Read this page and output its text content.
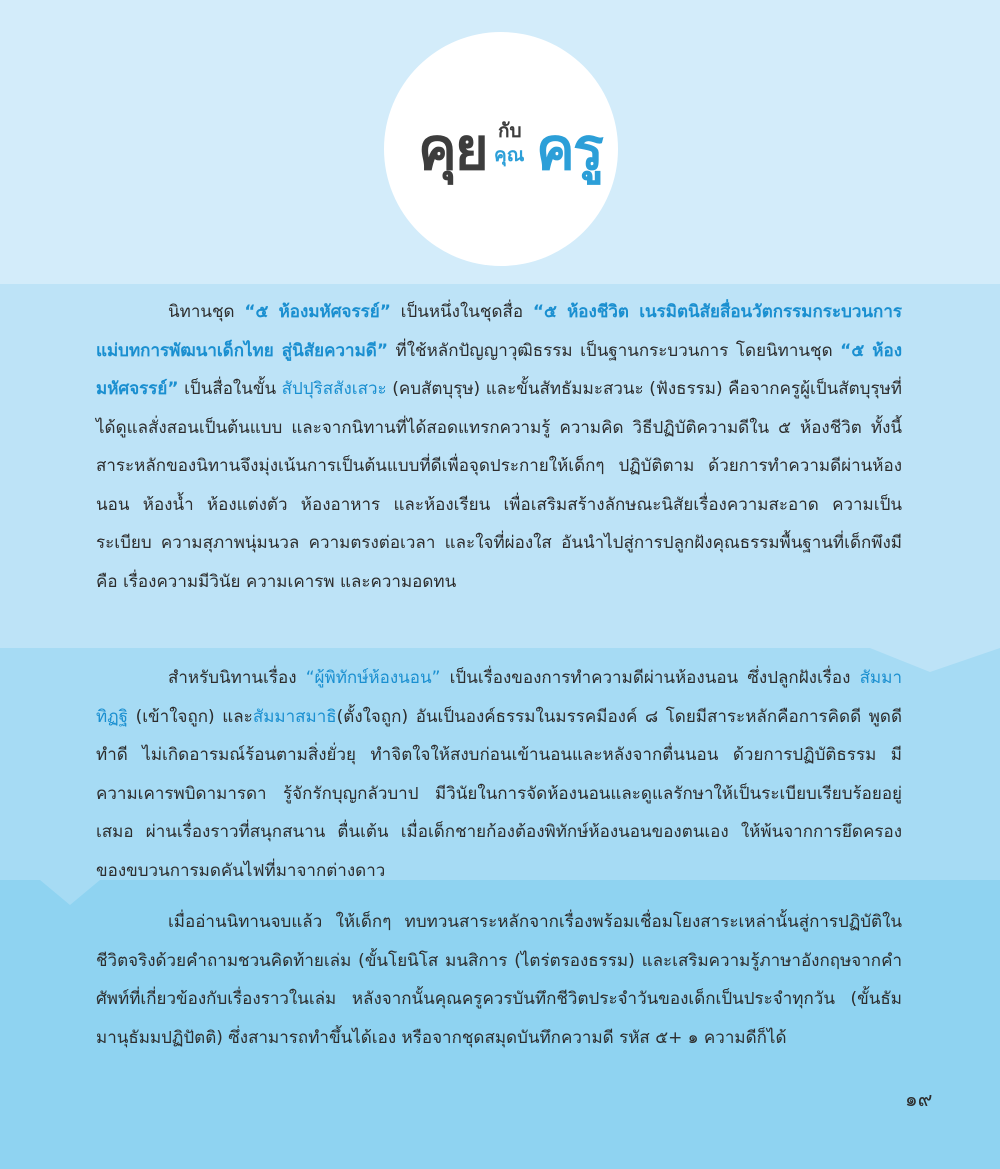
คุย กับ
คุณ ครู

นิทานชุด “๕ ห้องมหัศจรรย์” เป็นหนึ่งในชุดสื่อ “๕ ห้องชีวิต เนรมิตนิสัยสื่อนวัตกรรมกระบวนการแม่บทการพัฒนาเด็กไทย สู่นิสัยความดี” ที่ใช้หลักปัญญาวุฒิธรรม เป็นฐานกระบวนการ โดยนิทานชุด “๕ ห้องมหัศจรรย์” เป็นสื่อในขั้น สัปปุริสสังเสวะ (คบสัตบุรุษ) และขั้นสัทธัมมะสวนะ (ฟังธรรม) คือจากครูผู้เป็นสัตบุรุษที่ได้ดูแลสั่งสอนเป็นต้นแบบ และจากนิทานที่ได้สอดแทรกความรู้ ความคิด วิธีปฏิบัติความดีใน ๕ ห้องชีวิต ทั้งนี้สาระหลักของนิทานจึงมุ่งเน้นการเป็นต้นแบบที่ดีเพื่อจุดประกายให้เด็กๆ ปฏิบัติตาม ด้วยการทำความดีผ่านห้องนอน ห้องน้ำ ห้องแต่งตัว ห้องอาหาร และห้องเรียน เพื่อเสริมสร้างลักษณะนิสัยเรื่องความสะอาด ความเป็นระเบียบ ความสุภาพนุ่มนวล ความตรงต่อเวลา และใจที่ผ่องใส อันนำไปสู่การปลูกฝังคุณธรรมพื้นฐานที่เด็กพึงมี คือ เรื่องความมีวินัย ความเคารพ และความอดทน

สำหรับนิทานเรื่อง “ผู้พิทักษ์ห้องนอน” เป็นเรื่องของการทำความดีผ่านห้องนอน ซึ่งปลูกฝังเรื่อง สัมมาทิฏฐิ (เข้าใจถูก) และสัมมาสมาธิ(ตั้งใจถูก) อันเป็นองค์ธรรมในมรรคมีองค์ ๘ โดยมีสาระหลักคือการคิดดี พูดดี ทำดี ไม่เกิดอารมณ์ร้อนตามสิ่งยั่วยุ ทำจิตใจให้สงบก่อนเข้านอนและหลังจากตื่นนอน ด้วยการปฏิบัติธรรม มีความเคารพบิดามารดา รู้จักรักบุญกลัวบาป มีวินัยในการจัดห้องนอนและดูแลรักษาให้เป็นระเบียบเรียบร้อยอยู่เสมอ ผ่านเรื่องราวที่สนุกสนาน ตื่นเต้น เมื่อเด็กชายก้องต้องพิทักษ์ห้องนอนของตนเอง ให้พ้นจากการยึดครองของขบวนการมดคันไฟที่มาจากต่างดาว

เมื่ออ่านนิทานจบแล้ว ให้เด็กๆ ทบทวนสาระหลักจากเรื่องพร้อมเชื่อมโยงสาระเหล่านั้นสู่การปฏิบัติในชีวิตจริงด้วยคำถามชวนคิดท้ายเล่ม (ขั้นโยนิโส มนสิการ (ไตร่ตรองธรรม) และเสริมความรู้ภาษาอังกฤษจากคำศัพท์ที่เกี่ยวข้องกับเรื่องราวในเล่ม หลังจากนั้นคุณครูควรบันทึกชีวิตประจำวันของเด็กเป็นประจำทุกวัน (ขั้นธัมมานุธัมมปฏิปัตติ) ซึ่งสามารถทำขึ้นได้เอง หรือจากชุดสมุดบันทึกความดี รหัส ๕+ ๑ ความดีก็ได้

๑๙
